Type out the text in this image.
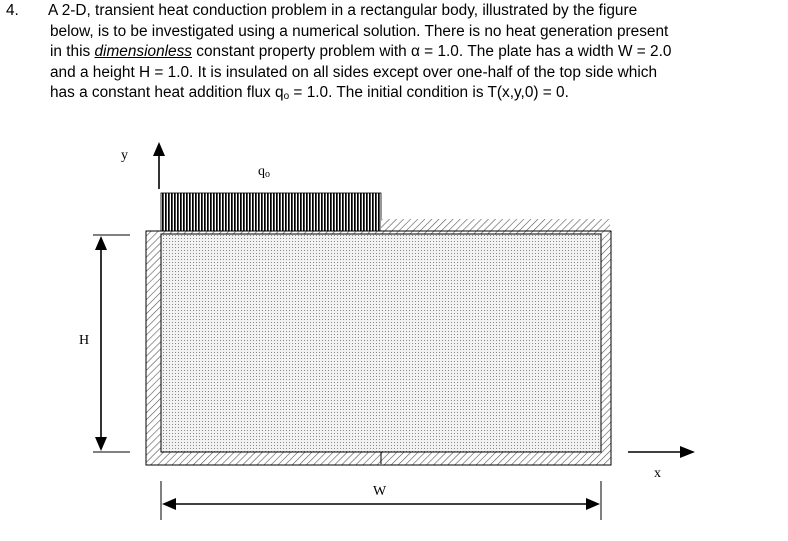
4. A 2-D, transient heat conduction problem in a rectangular body, illustrated by the figure
below, is to be investigated using a numerical solution. There is no heat generation present
in this dimensionless constant property problem with α = 1.0. The plate has a width W = 2.0
and a height H = 1.0. It is insulated on all sides except over one-half of the top side which
has a constant heat addition flux qo = 1.0. The initial condition is T(x,y,0) = 0.
y
qo
H
W
x
